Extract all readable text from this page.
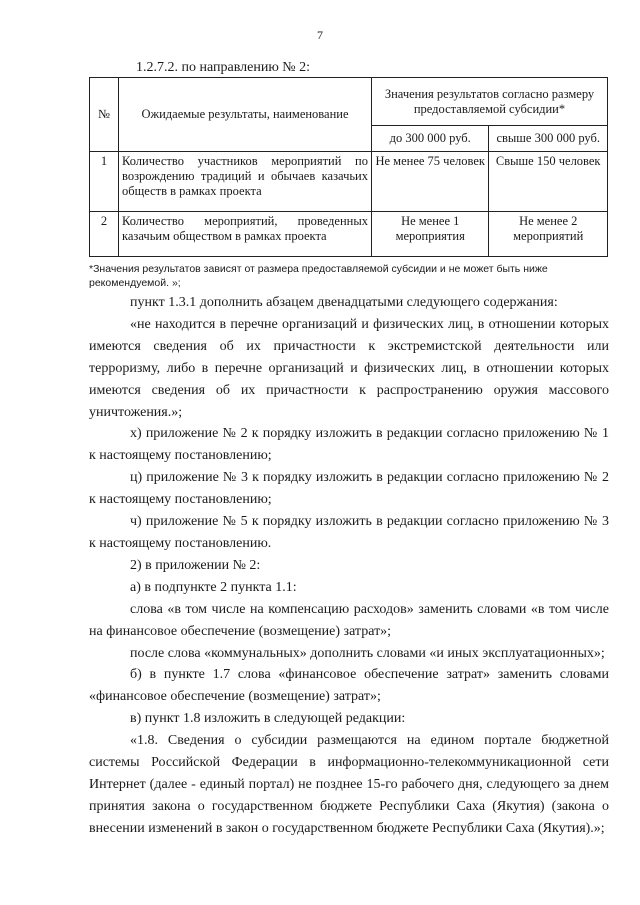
7
1.2.7.2. по направлению № 2:
№	Ожидаемые результаты, наименование	Значения результатов согласно размеру предоставляемой субсидии*	
		до 300 000 руб.	свыше 300 000 руб.
1	Количество участников мероприятий по возрождению традиций и обычаев казачьих обществ в рамках проекта	Не менее 75 человек	Свыше 150 человек
2	Количество мероприятий, проведенных казачьим обществом в рамках проекта	Не менее 1 мероприятия	Не менее 2 мероприятий
*Значения результатов зависят от размера предоставляемой субсидии и не может быть ниже рекомендуемой. »;

пункт 1.3.1 дополнить абзацем двенадцатыми следующего содержания:

«не находится в перечне организаций и физических лиц, в отношении которых имеются сведения об их причастности к экстремистской деятельности или терроризму, либо в перечне организаций и физических лиц, в отношении которых имеются сведения об их причастности к распространению оружия массового уничтожения.»;

х) приложение № 2 к порядку изложить в редакции согласно приложению № 1 к настоящему постановлению;

ц) приложение № 3 к порядку изложить в редакции согласно приложению № 2 к настоящему постановлению;

ч) приложение № 5 к порядку изложить в редакции согласно приложению № 3 к настоящему постановлению.

2) в приложении № 2:

а) в подпункте 2 пункта 1.1:

слова «в том числе на компенсацию расходов» заменить словами «в том числе на финансовое обеспечение (возмещение) затрат»;

после слова «коммунальных» дополнить словами «и иных эксплуатационных»;

б) в пункте 1.7 слова «финансовое обеспечение затрат» заменить словами «финансовое обеспечение (возмещение) затрат»;

в) пункт 1.8 изложить в следующей редакции:

«1.8. Сведения о субсидии размещаются на едином портале бюджетной системы Российской Федерации в информационно-телекоммуникационной сети Интернет (далее - единый портал) не позднее 15-го рабочего дня, следующего за днем принятия закона о государственном бюджете Республики Саха (Якутия) (закона о внесении изменений в закон о государственном бюджете Республики Саха (Якутия).»;
